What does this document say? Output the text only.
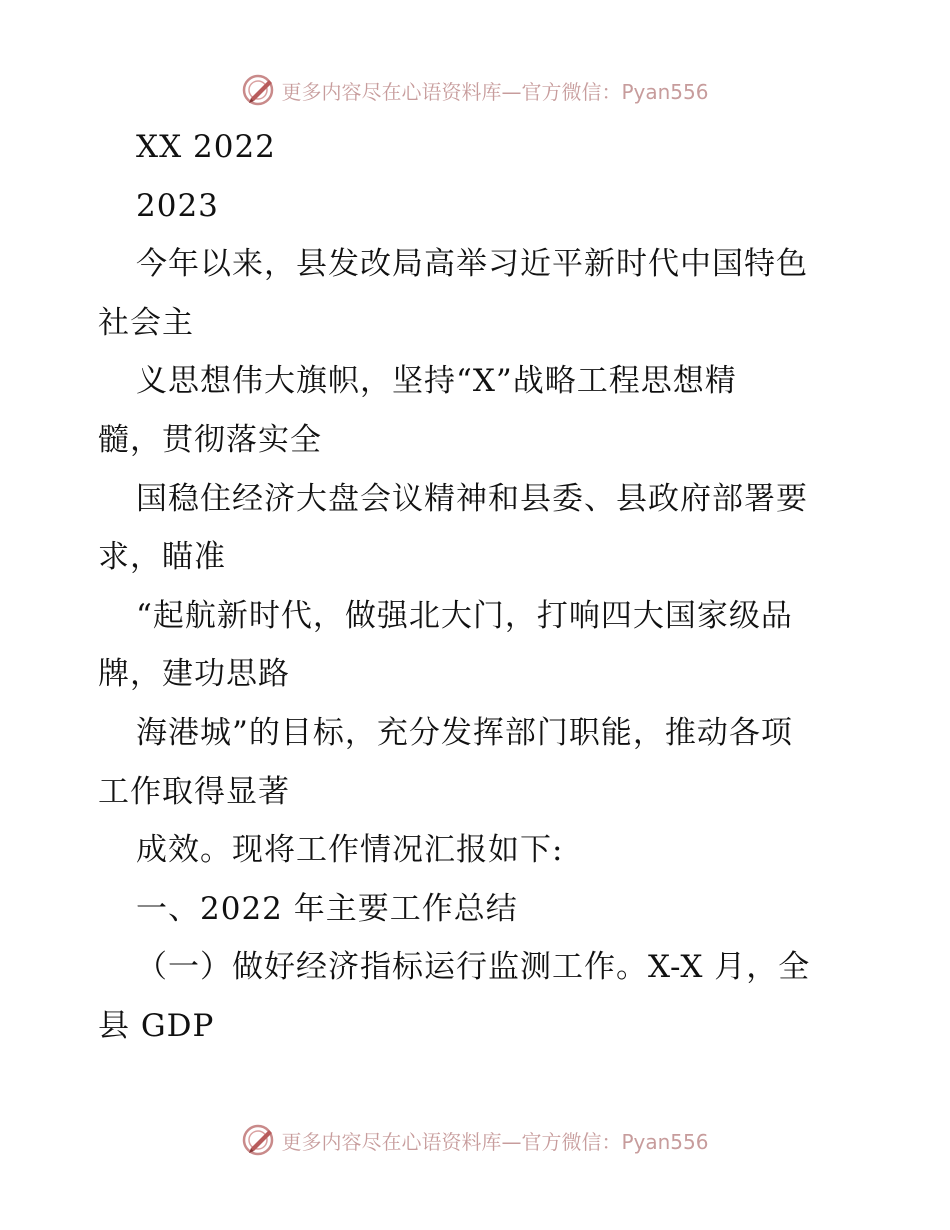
更多内容尽在心语资料库—官方微信：Pyan556
XX 2022
2023
今年以来，县发改局高举习近平新时代中国特色
社会主
义思想伟大旗帜，坚持“X”战略工程思想精
髓，贯彻落实全
国稳住经济大盘会议精神和县委、县政府部署要
求，瞄准
“起航新时代，做强北大门，打响四大国家级品
牌，建功思路
海港城”的目标，充分发挥部门职能，推动各项
工作取得显著
成效。现将工作情况汇报如下:
一、2022 年主要工作总结
（一）做好经济指标运行监测工作。X-X 月，全
县 GDP
更多内容尽在心语资料库—官方微信：Pyan556
